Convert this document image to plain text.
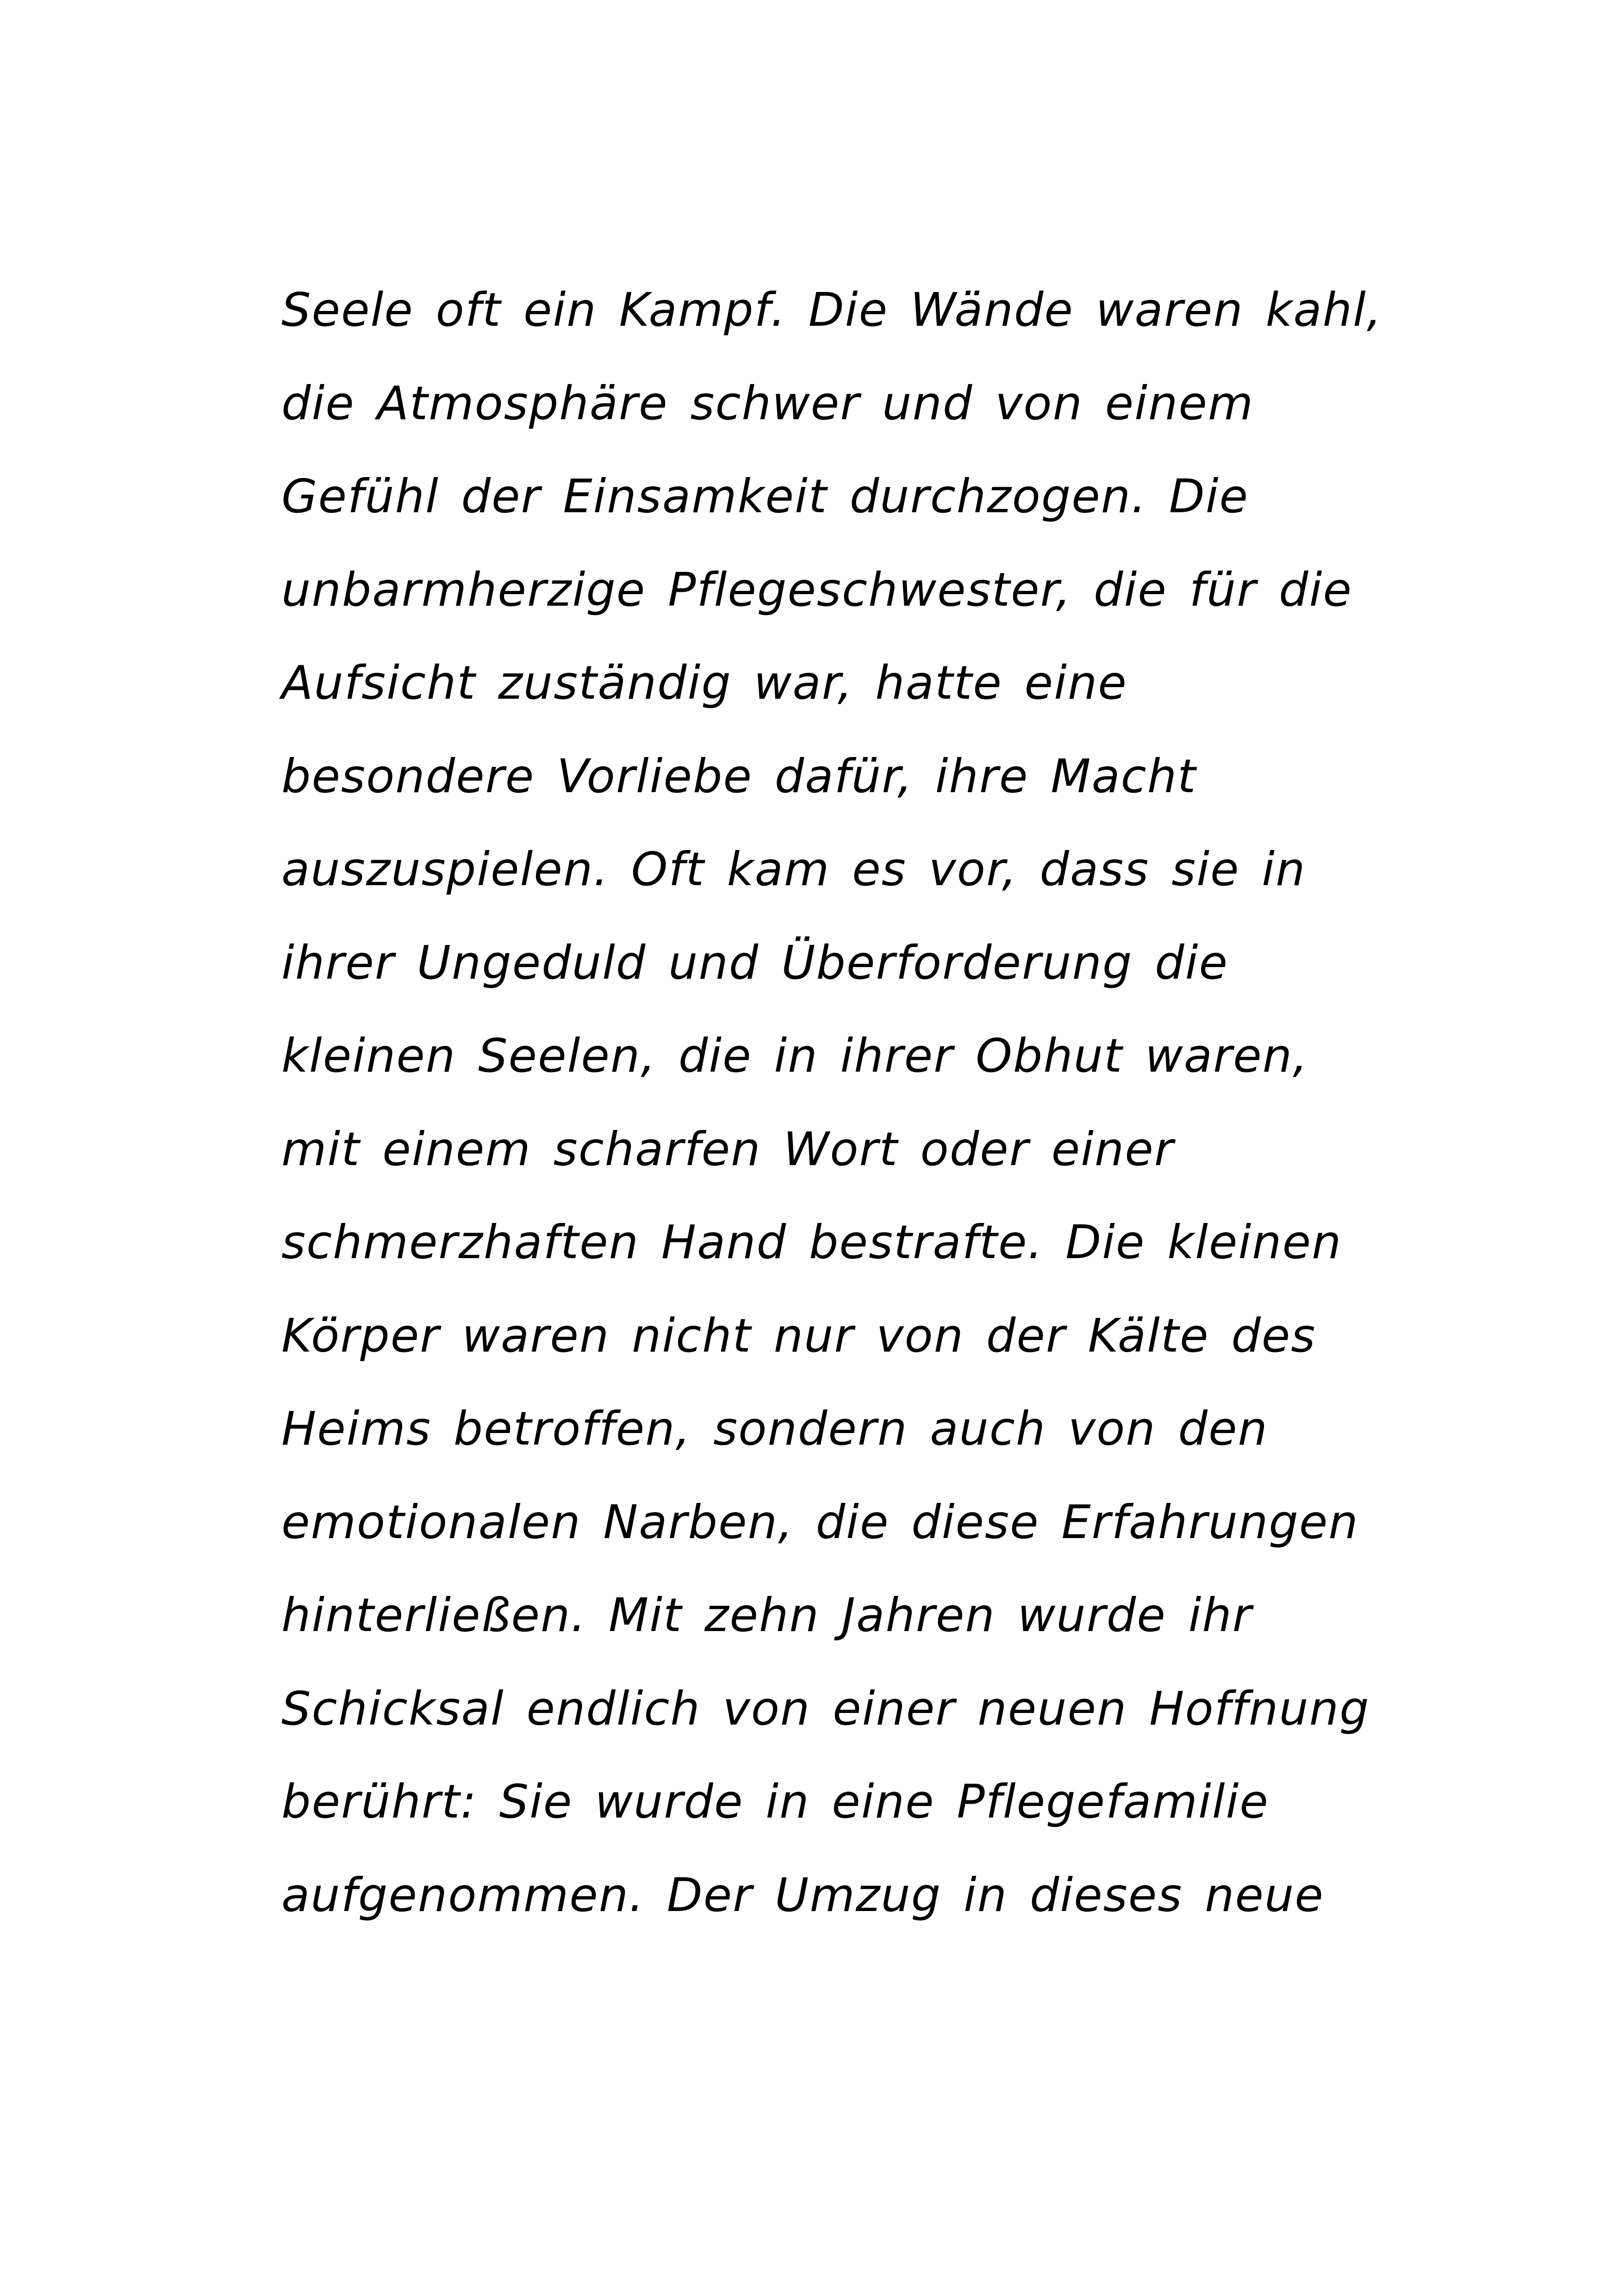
Seele oft ein Kampf. Die Wände waren kahl,
die Atmosphäre schwer und von einem
Gefühl der Einsamkeit durchzogen. Die
unbarmherzige Pflegeschwester, die für die
Aufsicht zuständig war, hatte eine
besondere Vorliebe dafür, ihre Macht
auszuspielen. Oft kam es vor, dass sie in
ihrer Ungeduld und Überforderung die
kleinen Seelen, die in ihrer Obhut waren,
mit einem scharfen Wort oder einer
schmerzhaften Hand bestrafte. Die kleinen
Körper waren nicht nur von der Kälte des
Heims betroffen, sondern auch von den
emotionalen Narben, die diese Erfahrungen
hinterließen. Mit zehn Jahren wurde ihr
Schicksal endlich von einer neuen Hoffnung
berührt: Sie wurde in eine Pflegefamilie
aufgenommen. Der Umzug in dieses neue
